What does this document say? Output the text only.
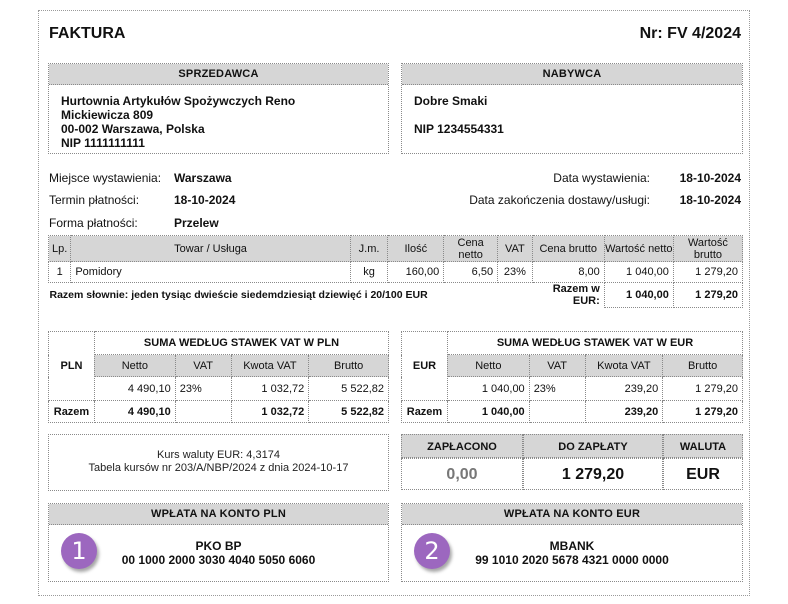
FAKTURA	Nr: FV 4/2024
SPRZEDAWCA
Hurtownia Artykułów Spożywczych Reno
Mickiewicza 809
00-002 Warszawa, Polska
NIP 1111111111
NABYWCA
Dobre Smaki
NIP 1234554331
Miejsce wystawienia: Warszawa
Termin płatności:	18-10-2024
Forma płatności:	Przelew
Data wystawienia: 18-10-2024
Data zakończenia dostawy/usługi: 18-10-2024
Lp.	Towar / Usługa	J.m.	Ilość	Cena netto	VAT	Cena brutto	Wartość netto	Wartość brutto
1	Pomidory	kg	160,00	6,50	23%	8,00	1 040,00	1 279,20
Razem słownie: jeden tysiąc dwieście siedemdziesiąt dziewięć i 20/100 EUR						Razem w EUR:	1 040,00	1 279,20
PLN	SUMA WEDŁUG STAWEK VAT W PLN			
	Netto	VAT	Kwota VAT	Brutto
	4 490,10	23%	1 032,72	5 522,82
Razem	4 490,10		1 032,72	5 522,82
EUR	SUMA WEDŁUG STAWEK VAT W EUR			
	Netto	VAT	Kwota VAT	Brutto
	1 040,00	23%	239,20	1 279,20
Razem	1 040,00		239,20	1 279,20
Kurs waluty EUR: 4,3174
Tabela kursów nr 203/A/NBP/2024 z dnia 2024-10-17
ZAPŁACONO	DO ZAPŁATY	WALUTA
0,00	1 279,20	EUR
WPŁATA NA KONTO PLN
PKO BP
00 1000 2000 3030 4040 5050 6060
1
WPŁATA NA KONTO EUR
MBANK
99 1010 2020 5678 4321 0000 0000
2
